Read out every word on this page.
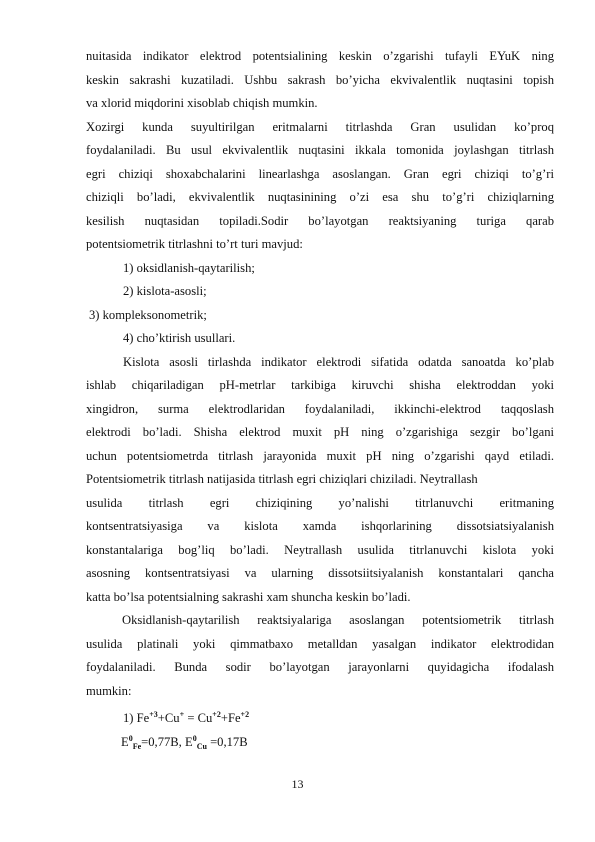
nuitasida indikator elektrod potentsialining keskin o’zgarishi tufayli EYuK ning
keskin sakrashi kuzatiladi. Ushbu sakrash bo’yicha ekvivalentlik nuqtasini topish
va xlorid miqdorini xisoblab chiqish mumkin.
Xozirgi kunda suyultirilgan eritmalarni titrlashda Gran usulidan ko’proq
foydalaniladi. Bu usul ekvivalentlik nuqtasini ikkala tomonida joylashgan titrlash
egri chiziqi shoxabchalarini linearlashga asoslangan. Gran egri chiziqi to’g’ri
chiziqli bo’ladi, ekvivalentlik nuqtasinining o’zi esa shu to’g’ri chiziqlarning
kesilish nuqtasidan topiladi.Sodir bo’layotgan reaktsiyaning turiga qarab
potentsiometrik titrlashni to’rt turi mavjud:
1) oksidlanish-qaytarilish;
2) kislota-asosli;
3) kompleksonometrik;
4) cho’ktirish usullari.
Kislota asosli tirlashda indikator elektrodi sifatida odatda sanoatda ko’plab
ishlab chiqariladigan pH-metrlar tarkibiga kiruvchi shisha elektroddan yoki
xingidron, surma elektrodlaridan foydalaniladi, ikkinchi-elektrod taqqoslash
elektrodi bo’ladi. Shisha elektrod muxit pH ning o’zgarishiga sezgir bo’lgani
uchun potentsiometrda titrlash jarayonida muxit pH ning o’zgarishi qayd etiladi.
Potentsiometrik titrlash natijasida titrlash egri chiziqlari chiziladi. Neytrallash
usulida titrlash egri chiziqining yo’nalishi titrlanuvchi eritmaning
kontsentratsiyasiga va kislota xamda ishqorlarining dissotsiatsiyalanish
konstantalariga bog’liq bo’ladi. Neytrallash usulida titrlanuvchi kislota yoki
asosning kontsentratsiyasi va ularning dissotsiitsiyalanish konstantalari qancha
katta bo’lsa potentsialning sakrashi xam shuncha keskin bo’ladi.
Oksidlanish-qaytarilish reaktsiyalariga asoslangan potentsiometrik titrlash
usulida platinali yoki qimmatbaxo metalldan yasalgan indikator elektrodidan
foydalaniladi. Bunda sodir bo’layotgan jarayonlarni quyidagicha ifodalash
mumkin:
1) $Fe^{+3}+Cu^+ = Cu^{+2}+Fe^{+2}$
$E^0_{Fe}=0,77B$, $E^0_{Cu} =0,17B$
13
